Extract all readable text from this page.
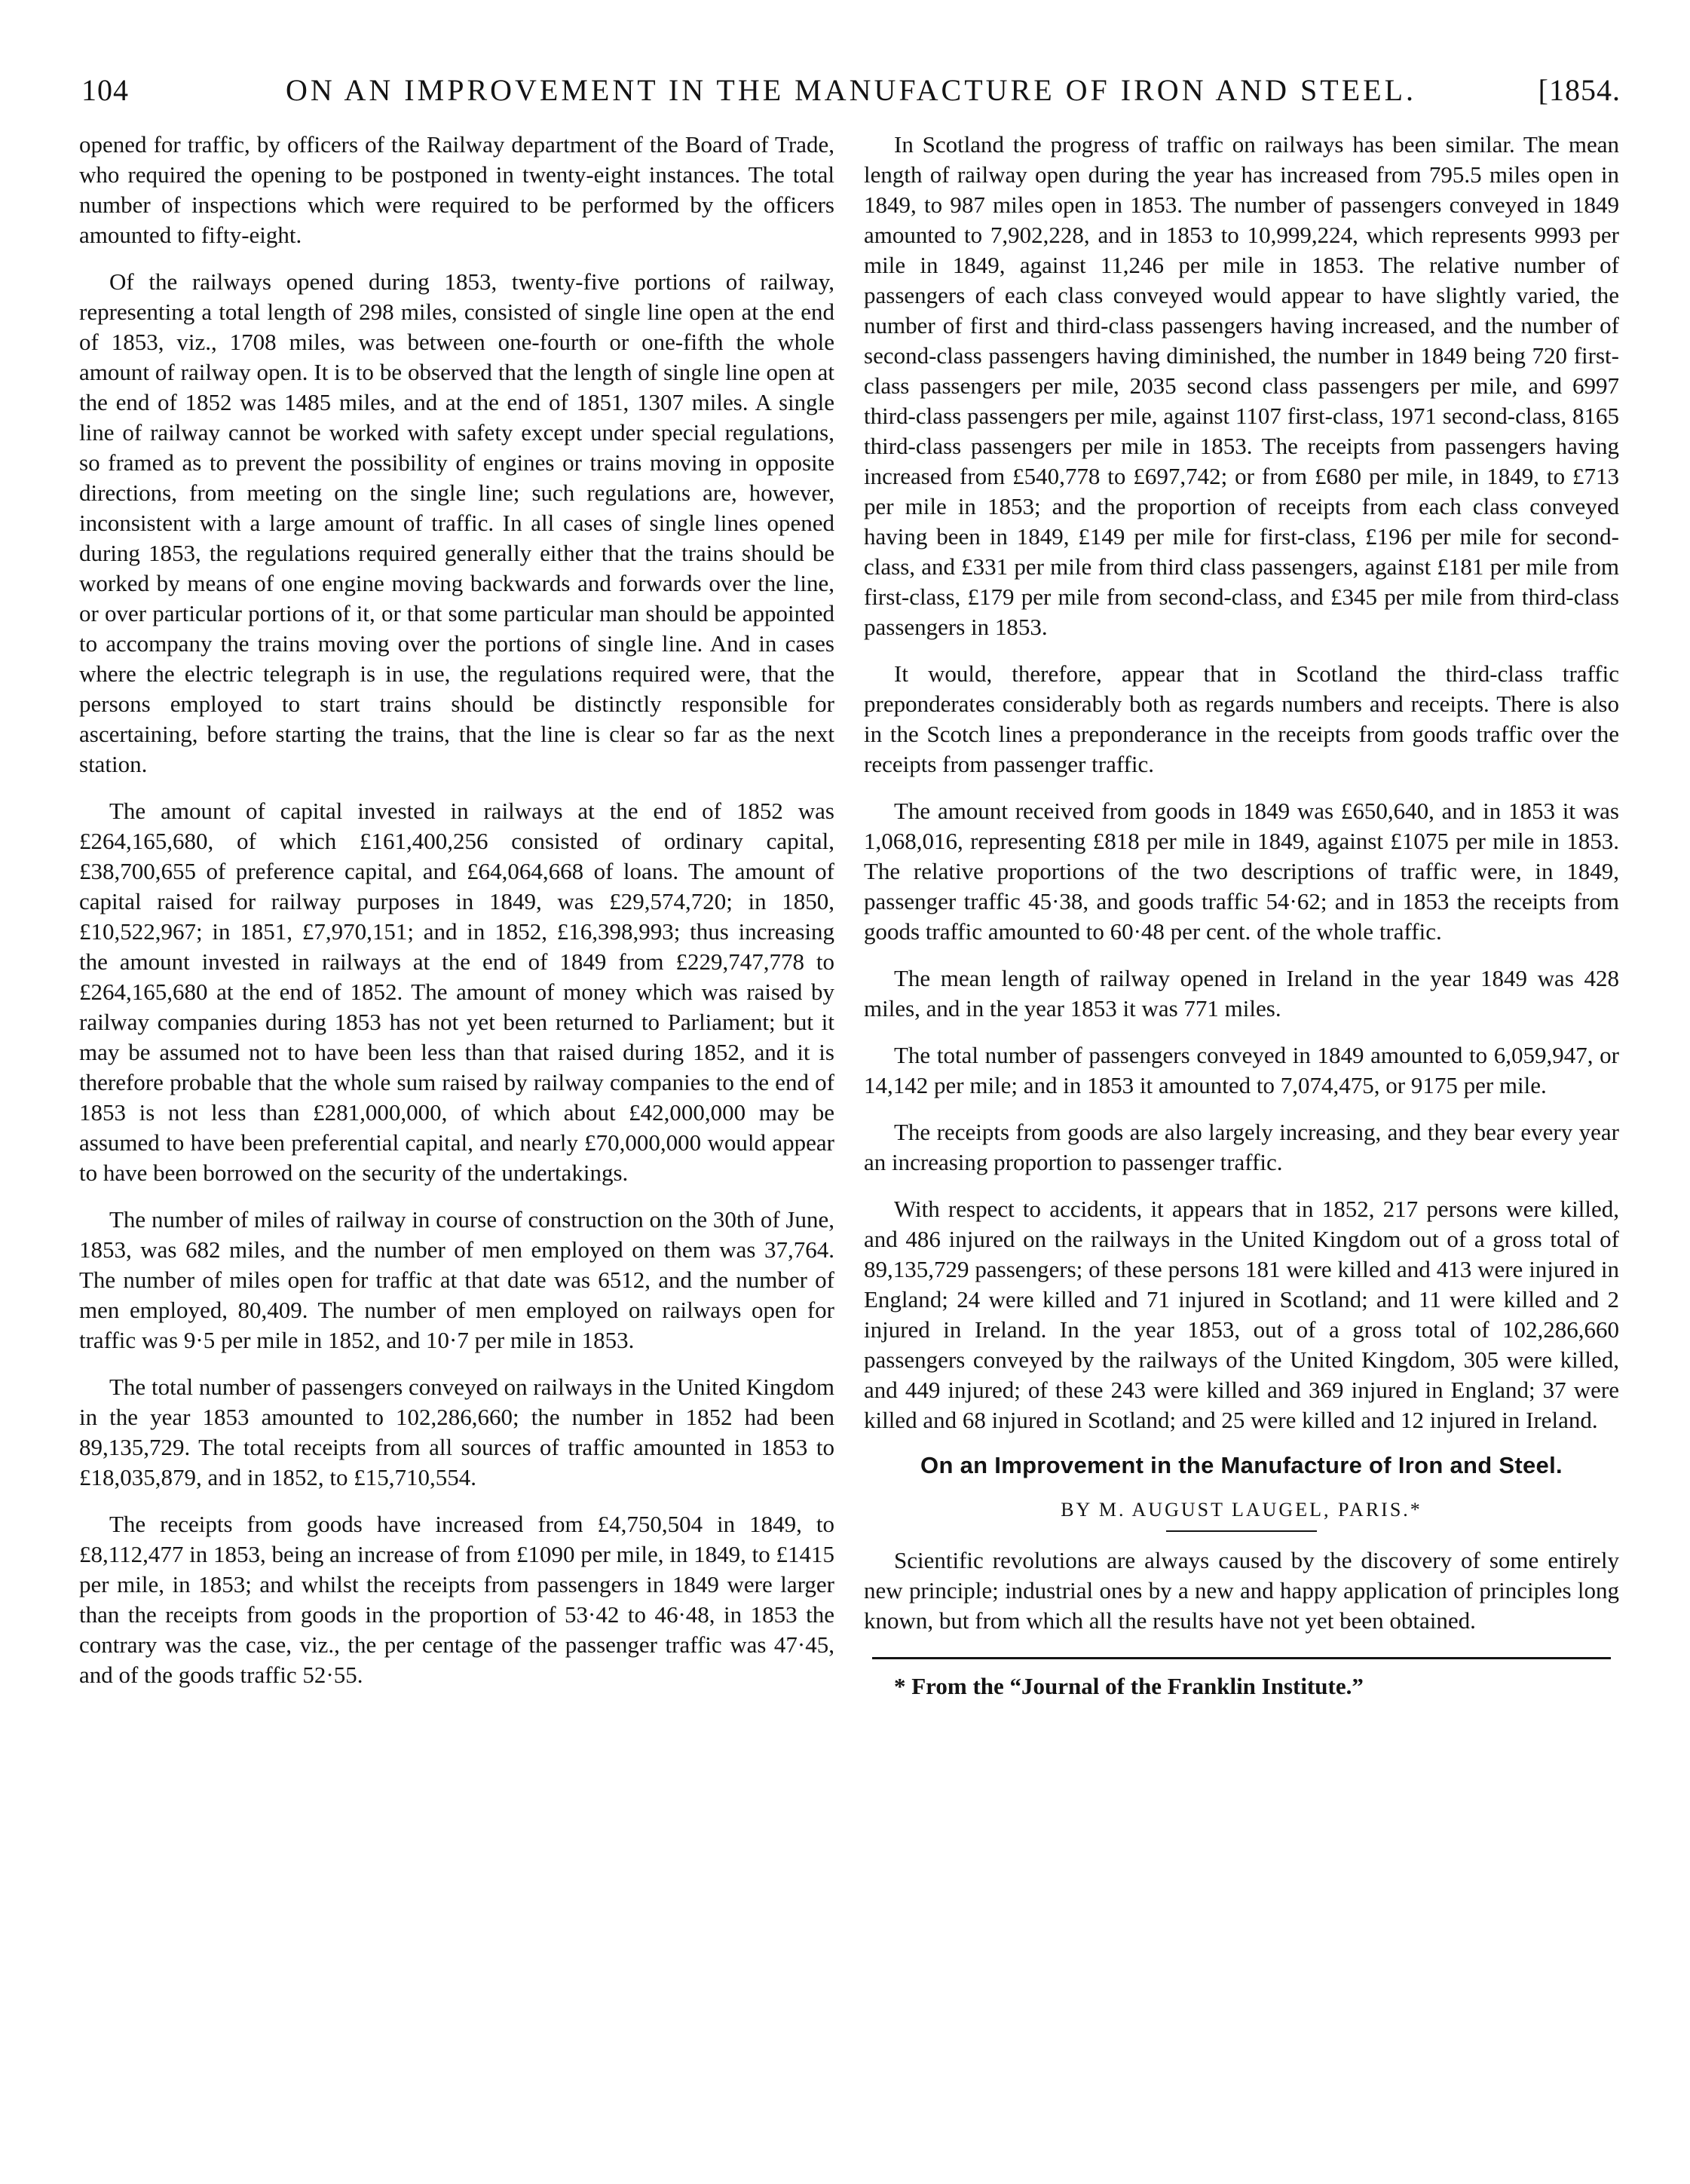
104	ON AN IMPROVEMENT IN THE MANUFACTURE OF IRON AND STEEL.	[1854.

opened for traffic, by officers of the Railway department of the Board of Trade, who required the opening to be postponed in twenty-eight instances. The total number of inspections which were required to be performed by the officers amounted to fifty-eight.

Of the railways opened during 1853, twenty-five portions of railway, representing a total length of 298 miles, consisted of single line open at the end of 1853, viz., 1708 miles, was between one-fourth or one-fifth the whole amount of railway open. It is to be observed that the length of single line open at the end of 1852 was 1485 miles, and at the end of 1851, 1307 miles. A single line of railway cannot be worked with safety except under special regulations, so framed as to prevent the possibility of engines or trains moving in opposite directions, from meeting on the single line; such regulations are, however, inconsistent with a large amount of traffic. In all cases of single lines opened during 1853, the regulations required generally either that the trains should be worked by means of one engine moving backwards and forwards over the line, or over particular portions of it, or that some particular man should be appointed to accompany the trains moving over the portions of single line. And in cases where the electric telegraph is in use, the regulations required were, that the persons employed to start trains should be distinctly responsible for ascertaining, before starting the trains, that the line is clear so far as the next station.

The amount of capital invested in railways at the end of 1852 was £264,165,680, of which £161,400,256 consisted of ordinary capital, £38,700,655 of preference capital, and £64,064,668 of loans. The amount of capital raised for railway purposes in 1849, was £29,574,720; in 1850, £10,522,967; in 1851, £7,970,151; and in 1852, £16,398,993; thus increasing the amount invested in railways at the end of 1849 from £229,747,778 to £264,165,680 at the end of 1852. The amount of money which was raised by railway companies during 1853 has not yet been returned to Parliament; but it may be assumed not to have been less than that raised during 1852, and it is therefore probable that the whole sum raised by railway companies to the end of 1853 is not less than £281,000,000, of which about £42,000,000 may be assumed to have been preferential capital, and nearly £70,000,000 would appear to have been borrowed on the security of the undertakings.

The number of miles of railway in course of construction on the 30th of June, 1853, was 682 miles, and the number of men employed on them was 37,764. The number of miles open for traffic at that date was 6512, and the number of men employed, 80,409. The number of men employed on railways open for traffic was 9·5 per mile in 1852, and 10·7 per mile in 1853.

The total number of passengers conveyed on railways in the United Kingdom in the year 1853 amounted to 102,286,660; the number in 1852 had been 89,135,729. The total receipts from all sources of traffic amounted in 1853 to £18,035,879, and in 1852, to £15,710,554.

The receipts from goods have increased from £4,750,504 in 1849, to £8,112,477 in 1853, being an increase of from £1090 per mile, in 1849, to £1415 per mile, in 1853; and whilst the receipts from passengers in 1849 were larger than the receipts from goods in the proportion of 53·42 to 46·48, in 1853 the contrary was the case, viz., the per centage of the passenger traffic was 47·45, and of the goods traffic 52·55.

In Scotland the progress of traffic on railways has been similar. The mean length of railway open during the year has increased from 795.5 miles open in 1849, to 987 miles open in 1853. The number of passengers conveyed in 1849 amounted to 7,902,228, and in 1853 to 10,999,224, which represents 9993 per mile in 1849, against 11,246 per mile in 1853. The relative number of passengers of each class conveyed would appear to have slightly varied, the number of first and third-class passengers having increased, and the number of second-class passengers having diminished, the number in 1849 being 720 first-class passengers per mile, 2035 second class passengers per mile, and 6997 third-class passengers per mile, against 1107 first-class, 1971 second-class, 8165 third-class passengers per mile in 1853. The receipts from passengers having increased from £540,778 to £697,742; or from £680 per mile, in 1849, to £713 per mile in 1853; and the proportion of receipts from each class conveyed having been in 1849, £149 per mile for first-class, £196 per mile for second-class, and £331 per mile from third class passengers, against £181 per mile from first-class, £179 per mile from second-class, and £345 per mile from third-class passengers in 1853.

It would, therefore, appear that in Scotland the third-class traffic preponderates considerably both as regards numbers and receipts. There is also in the Scotch lines a preponderance in the receipts from goods traffic over the receipts from passenger traffic.

The amount received from goods in 1849 was £650,640, and in 1853 it was 1,068,016, representing £818 per mile in 1849, against £1075 per mile in 1853. The relative proportions of the two descriptions of traffic were, in 1849, passenger traffic 45·38, and goods traffic 54·62; and in 1853 the receipts from goods traffic amounted to 60·48 per cent. of the whole traffic.

The mean length of railway opened in Ireland in the year 1849 was 428 miles, and in the year 1853 it was 771 miles.

The total number of passengers conveyed in 1849 amounted to 6,059,947, or 14,142 per mile; and in 1853 it amounted to 7,074,475, or 9175 per mile.

The receipts from goods are also largely increasing, and they bear every year an increasing proportion to passenger traffic.

With respect to accidents, it appears that in 1852, 217 persons were killed, and 486 injured on the railways in the United Kingdom out of a gross total of 89,135,729 passengers; of these persons 181 were killed and 413 were injured in England; 24 were killed and 71 injured in Scotland; and 11 were killed and 2 injured in Ireland. In the year 1853, out of a gross total of 102,286,660 passengers conveyed by the railways of the United Kingdom, 305 were killed, and 449 injured; of these 243 were killed and 369 injured in England; 37 were killed and 68 injured in Scotland; and 25 were killed and 12 injured in Ireland.

On an Improvement in the Manufacture of Iron and Steel.
BY M. AUGUST LAUGEL, PARIS.*

Scientific revolutions are always caused by the discovery of some entirely new principle; industrial ones by a new and happy application of principles long known, but from which all the results have not yet been obtained.

* From the “Journal of the Franklin Institute.”
